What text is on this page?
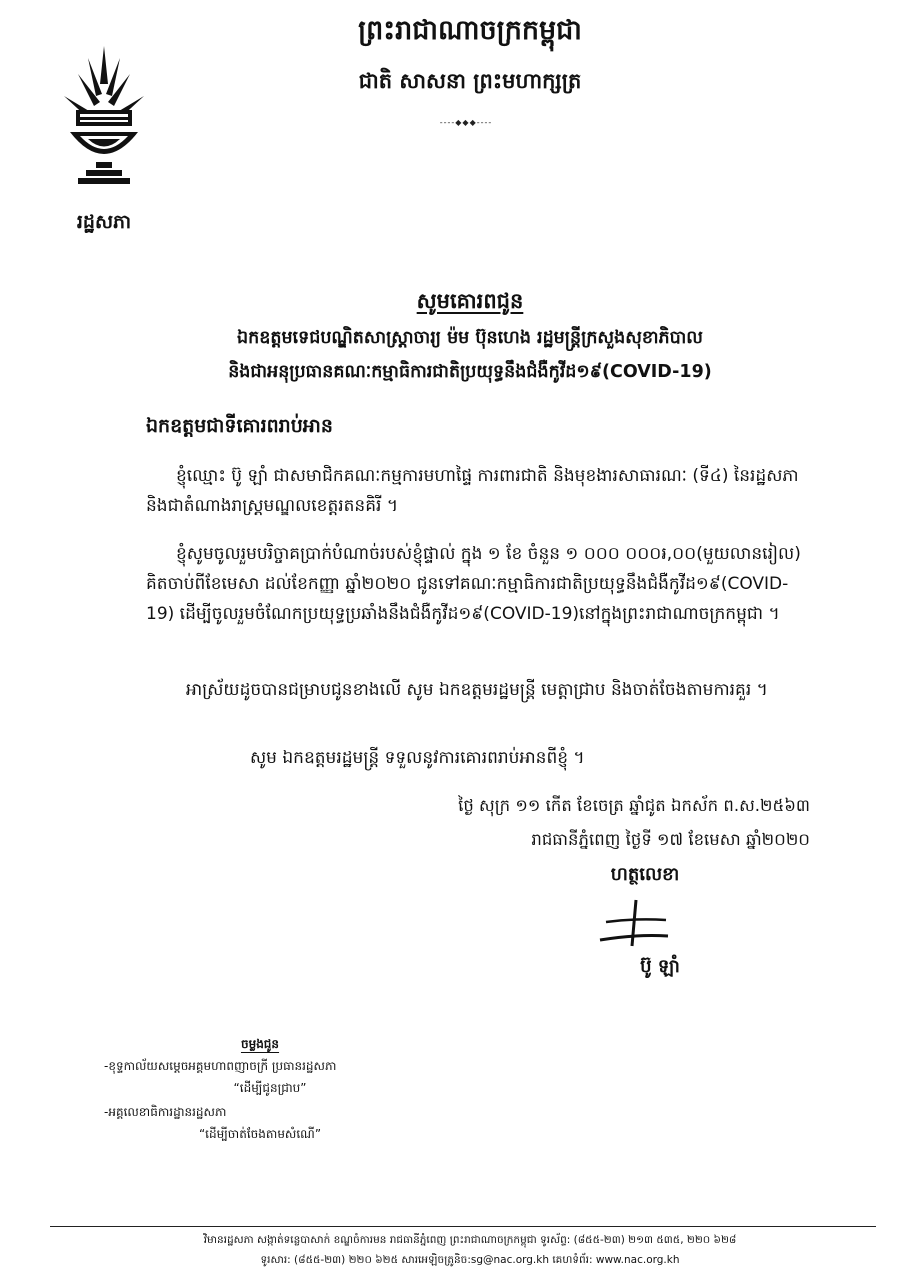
រដ្ឋសភា
ព្រះរាជាណាចក្រកម្ពុជា
ជាតិ សាសនា ព្រះមហាក្សត្រ
----◆◆◆----
សូមគោរពជូន
ឯកឧត្តមទេជបណ្ឌិតសាស្ត្រាចារ្យ ម៉ម ប៊ុនហេង រដ្ឋមន្ត្រីក្រសួងសុខាភិបាល
និងជាអនុប្រធានគណៈកម្មាធិការជាតិប្រយុទ្ធនឹងជំងឺកូវីដ១៩(COVID-19)
ឯកឧត្តមជាទីគោរពរាប់អាន
ខ្ញុំឈ្មោះ ប៊ូ ឡាំ ជាសមាជិកគណៈកម្មការមហាផ្ទៃ ការពារជាតិ និងមុខងារសាធារណៈ (ទី៤) នៃរដ្ឋសភា និងជាតំណាងរាស្ត្រមណ្ឌលខេត្តរតនគិរី ។
ខ្ញុំសូមចូលរួមបរិច្ចាគប្រាក់បំណាច់របស់ខ្ញុំផ្ទាល់ ក្នុង ១ ខែ ចំនួន ១ ០០០ ០០០៛,០០(មួយលានរៀល) គិតចាប់ពីខែមេសា ដល់ខែកញ្ញា ឆ្នាំ២០២០ ជូនទៅគណៈកម្មាធិការជាតិប្រយុទ្ធនឹងជំងឺកូវីដ១៩(COVID-19) ដើម្បីចូលរួមចំណែកប្រយុទ្ធប្រឆាំងនឹងជំងឺកូវីដ១៩(COVID-19)នៅក្នុងព្រះរាជាណាចក្រកម្ពុជា ។
អាស្រ័យដូចបានជម្រាបជូនខាងលើ សូម ឯកឧត្តមរដ្ឋមន្ត្រី មេត្តាជ្រាប និងចាត់ចែងតាមការគួរ ។
សូម ឯកឧត្តមរដ្ឋមន្ត្រី ទទួលនូវការគោរពរាប់អានពីខ្ញុំ ។
ថ្ងៃ សុក្រ ១១ កើត ខែចេត្រ ឆ្នាំជូត ឯកស័ក ព.ស.២៥៦៣
រាជធានីភ្នំពេញ ថ្ងៃទី ១៧ ខែមេសា ឆ្នាំ២០២០
ហត្ថលេខា
ប៊ូ ឡាំ
ចម្លងជូន
-ខុទ្ទកាល័យសម្ដេចអគ្គមហាពញាចក្រី ប្រធានរដ្ឋសភា
“ដើម្បីជូនជ្រាប”
-អគ្គលេខាធិការដ្ឋានរដ្ឋសភា
“ដើម្បីចាត់ចែងតាមសំណើ”
វិមានរដ្ឋសភា សង្កាត់ទន្លេបាសាក់ ខណ្ឌចំការមន រាជធានីភ្នំពេញ ព្រះរាជាណាចក្រកម្ពុជា ទូរស័ព្ទ: (៨៥៥-២៣) ២១៣ ៥៣៥, ២២០ ៦២៨
ទូរសារ: (៨៥៥-២៣) ២២០ ៦២៥ សារអេឡិចត្រូនិច:sg@nac.org.kh គេហទំព័រ: www.nac.org.kh
